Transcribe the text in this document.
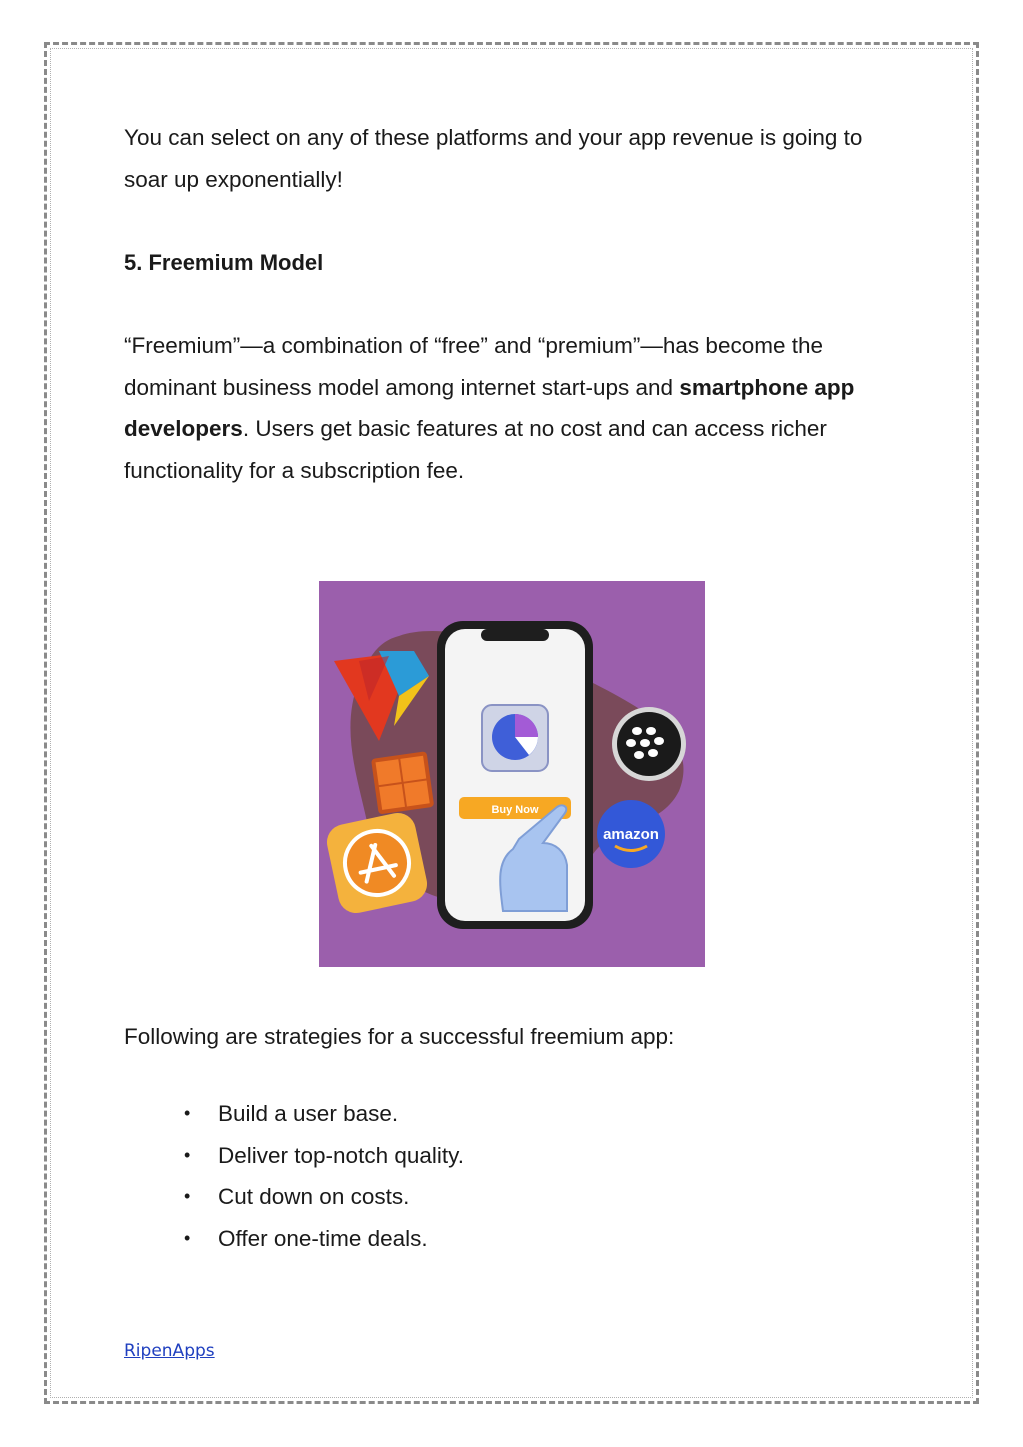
You can select on any of these platforms and your app revenue is going to soar up exponentially!

5. Freemium Model

“Freemium”—a combination of “free” and “premium”—has become the dominant business model among internet start-ups and smartphone app developers. Users get basic features at no cost and can access richer functionality for a subscription fee.

Buy Now
amazon

Following are strategies for a successful freemium app:

• Build a user base.
• Deliver top-notch quality.
• Cut down on costs.
• Offer one-time deals.
RipenApps
